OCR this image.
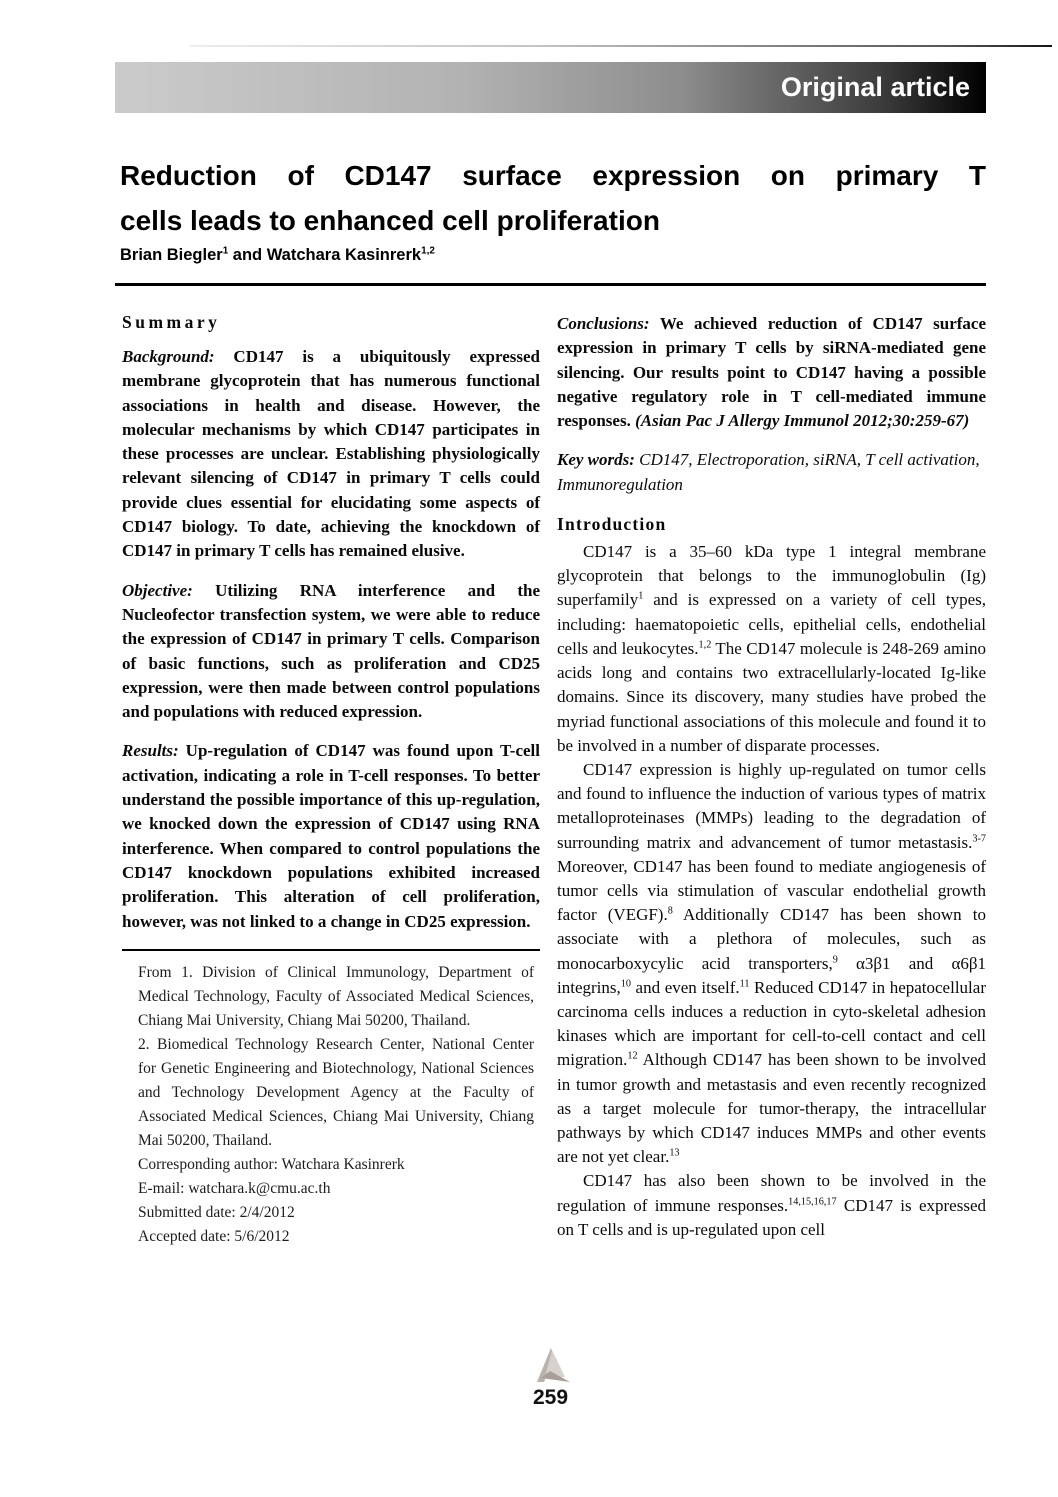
Original article
Reduction of CD147 surface expression on primary T
cells leads to enhanced cell proliferation
Brian Biegler$^1$ and Watchara Kasinrerk$^{1,2}$
Summary

Background: CD147 is a ubiquitously expressed membrane glycoprotein that has numerous functional associations in health and disease. However, the molecular mechanisms by which CD147 participates in these processes are unclear. Establishing physiologically relevant silencing of CD147 in primary T cells could provide clues essential for elucidating some aspects of CD147 biology. To date, achieving the knockdown of CD147 in primary T cells has remained elusive.

Objective: Utilizing RNA interference and the Nucleofector transfection system, we were able to reduce the expression of CD147 in primary T cells. Comparison of basic functions, such as proliferation and CD25 expression, were then made between control populations and populations with reduced expression.

Results: Up-regulation of CD147 was found upon T-cell activation, indicating a role in T-cell responses. To better understand the possible importance of this up-regulation, we knocked down the expression of CD147 using RNA interference. When compared to control populations the CD147 knockdown populations exhibited increased proliferation. This alteration of cell proliferation, however, was not linked to a change in CD25 expression.

From 1. Division of Clinical Immunology, Department of Medical Technology, Faculty of Associated Medical Sciences, Chiang Mai University, Chiang Mai 50200, Thailand.

2. Biomedical Technology Research Center, National Center for Genetic Engineering and Biotechnology, National Sciences and Technology Development Agency at the Faculty of Associated Medical Sciences, Chiang Mai University, Chiang Mai 50200, Thailand.

Corresponding author: Watchara Kasinrerk

E-mail: watchara.k@cmu.ac.th

Submitted date: 2/4/2012

Accepted date: 5/6/2012

Conclusions: We achieved reduction of CD147 surface expression in primary T cells by siRNA-mediated gene silencing. Our results point to CD147 having a possible negative regulatory role in T cell-mediated immune responses. (Asian Pac J Allergy Immunol 2012;30:259-67)

Key words: CD147, Electroporation, siRNA, T cell activation, Immunoregulation

Introduction

CD147 is a 35–60 kDa type 1 integral membrane glycoprotein that belongs to the immunoglobulin (Ig) superfamily$^1$ and is expressed on a variety of cell types, including: haematopoietic cells, epithelial cells, endothelial cells and leukocytes.$^{1,2}$ The CD147 molecule is 248-269 amino acids long and contains two extracellularly-located Ig-like domains. Since its discovery, many studies have probed the myriad functional associations of this molecule and found it to be involved in a number of disparate processes.

CD147 expression is highly up-regulated on tumor cells and found to influence the induction of various types of matrix metalloproteinases (MMPs) leading to the degradation of surrounding matrix and advancement of tumor metastasis.$^{3-7}$ Moreover, CD147 has been found to mediate angiogenesis of tumor cells via stimulation of vascular endothelial growth factor (VEGF).$^8$ Additionally CD147 has been shown to associate with a plethora of molecules, such as monocarboxycylic acid transporters,$^9$ α3β1 and α6β1 integrins,$^{10}$ and even itself.$^{11}$ Reduced CD147 in hepatocellular carcinoma cells induces a reduction in cyto-skeletal adhesion kinases which are important for cell-to-cell contact and cell migration.$^{12}$ Although CD147 has been shown to be involved in tumor growth and metastasis and even recently recognized as a target molecule for tumor-therapy, the intracellular pathways by which CD147 induces MMPs and other events are not yet clear.$^{13}$

CD147 has also been shown to be involved in the regulation of immune responses.$^{14,15,16,17}$ CD147 is expressed on T cells and is up-regulated upon cell

259
